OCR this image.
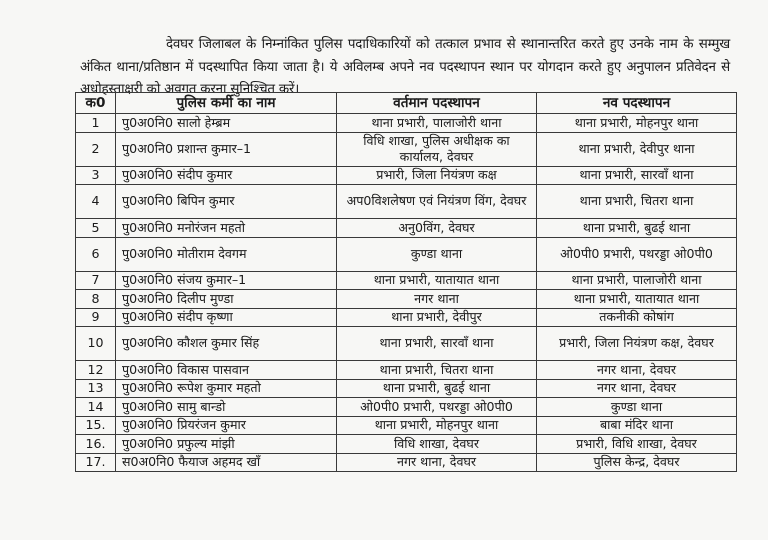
देवघर जिलाबल के निम्नांकित पुलिस पदाधिकारियों को तत्काल प्रभाव से स्थानान्तरित करते हुए उनके नाम के सम्मुख अंकित थाना/प्रतिष्ठान में पदस्थापित किया जाता है। ये अविलम्ब अपने नव पदस्थापन स्थान पर योगदान करते हुए अनुपालन प्रतिवेदन से अधोहस्ताक्षरी को अवगत करना सुनिश्चित करें।

क0	पुलिस कर्मी का नाम	वर्तमान पदस्थापन	नव पदस्थापन
1	पु0अ0नि0 सालो हेम्ब्रम	थाना प्रभारी, पालाजोरी थाना	थाना प्रभारी, मोहनपुर थाना
2	पु0अ0नि0 प्रशान्त कुमार–1	विधि शाखा, पुलिस अधीक्षक का कार्यालय, देवघर	थाना प्रभारी, देवीपुर थाना
3	पु0अ0नि0 संदीप कुमार	प्रभारी, जिला नियंत्रण कक्ष	थाना प्रभारी, सारवाँ थाना
4	पु0अ0नि0 बिपिन कुमार	अप0विशलेषण एवं नियंत्रण विंग, देवघर	थाना प्रभारी, चितरा थाना
5	पु0अ0नि0 मनोरंजन महतो	अनु0विंग, देवघर	थाना प्रभारी, बुढई थाना
6	पु0अ0नि0 मोतीराम देवगम	कुण्डा थाना	ओ0पी0 प्रभारी, पथरड्डा ओ0पी0
7	पु0अ0नि0 संजय कुमार–1	थाना प्रभारी, यातायात थाना	थाना प्रभारी, पालाजोरी थाना
8	पु0अ0नि0 दिलीप मुण्डा	नगर थाना	थाना प्रभारी, यातायात थाना
9	पु0अ0नि0 संदीप कृष्णा	थाना प्रभारी, देवीपुर	तकनीकी कोषांग
10	पु0अ0नि0 कौशल कुमार सिंह	थाना प्रभारी, सारवाँ थाना	प्रभारी, जिला नियंत्रण कक्ष, देवघर
12	पु0अ0नि0 विकास पासवान	थाना प्रभारी, चितरा थाना	नगर थाना, देवघर
13	पु0अ0नि0 रूपेश कुमार महतो	थाना प्रभारी, बुढई थाना	नगर थाना, देवघर
14	पु0अ0नि0 सामु बान्डो	ओ0पी0 प्रभारी, पथरड्डा ओ0पी0	कुण्डा थाना
15.	पु0अ0नि0 प्रियरंजन कुमार	थाना प्रभारी, मोहनपुर थाना	बाबा मंदिर थाना
16.	पु0अ0नि0 प्रफुल्य मांझी	विधि शाखा, देवघर	प्रभारी, विधि शाखा, देवघर
17.	स0अ0नि0 फैयाज अहमद खाँ	नगर थाना, देवघर	पुलिस केन्द्र, देवघर
